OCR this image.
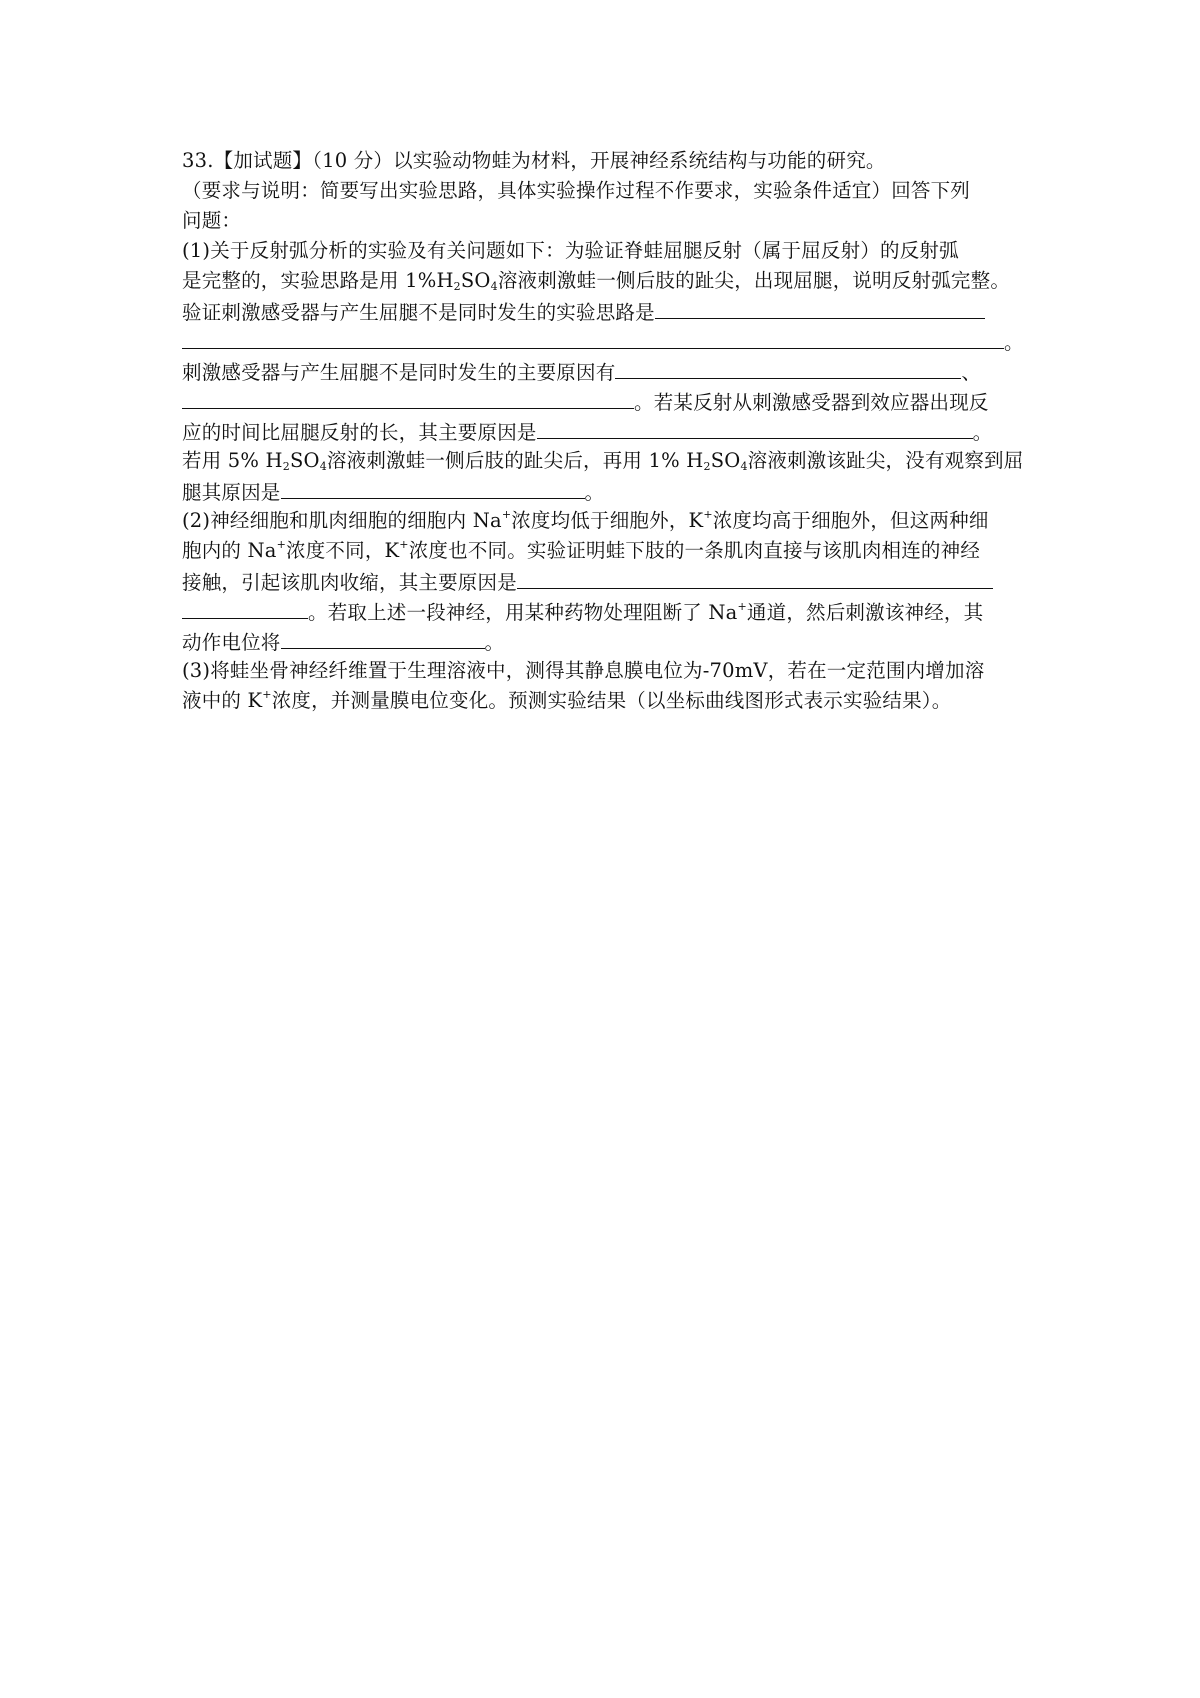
33.【加试题】（10 分）以实验动物蛙为材料，开展神经系统结构与功能的研究。
（要求与说明：简要写出实验思路，具体实验操作过程不作要求，实验条件适宜）回答下列
问题：
(1)关于反射弧分析的实验及有关问题如下：为验证脊蛙屈腿反射（属于屈反射）的反射弧
是完整的，实验思路是用 $1\%H_2SO_4$溶液刺激蛙一侧后肢的趾尖，出现屈腿，说明反射弧完整。
验证刺激感受器与产生屈腿不是同时发生的实验思路是
。
刺激感受器与产生屈腿不是同时发生的主要原因有	、
。若某反射从刺激感受器到效应器出现反
应的时间比屈腿反射的长，其主要原因是	。
若用 5% $H_2SO_4$溶液刺激蛙一侧后肢的趾尖后，再用 1% $H_2SO_4$溶液刺激该趾尖，没有观察到屈
腿其原因是	。
(2)神经细胞和肌肉细胞的细胞内 Na+浓度均低于细胞外，K+浓度均高于细胞外，但这两种细
胞内的 Na+浓度不同，K+浓度也不同。实验证明蛙下肢的一条肌肉直接与该肌肉相连的神经
接触，引起该肌肉收缩，其主要原因是
。若取上述一段神经，用某种药物处理阻断了 Na+通道，然后刺激该神经，其
动作电位将	。
(3)将蛙坐骨神经纤维置于生理溶液中，测得其静息膜电位为-70mV，若在一定范围内增加溶
液中的 K+浓度，并测量膜电位变化。预测实验结果（以坐标曲线图形式表示实验结果）。
